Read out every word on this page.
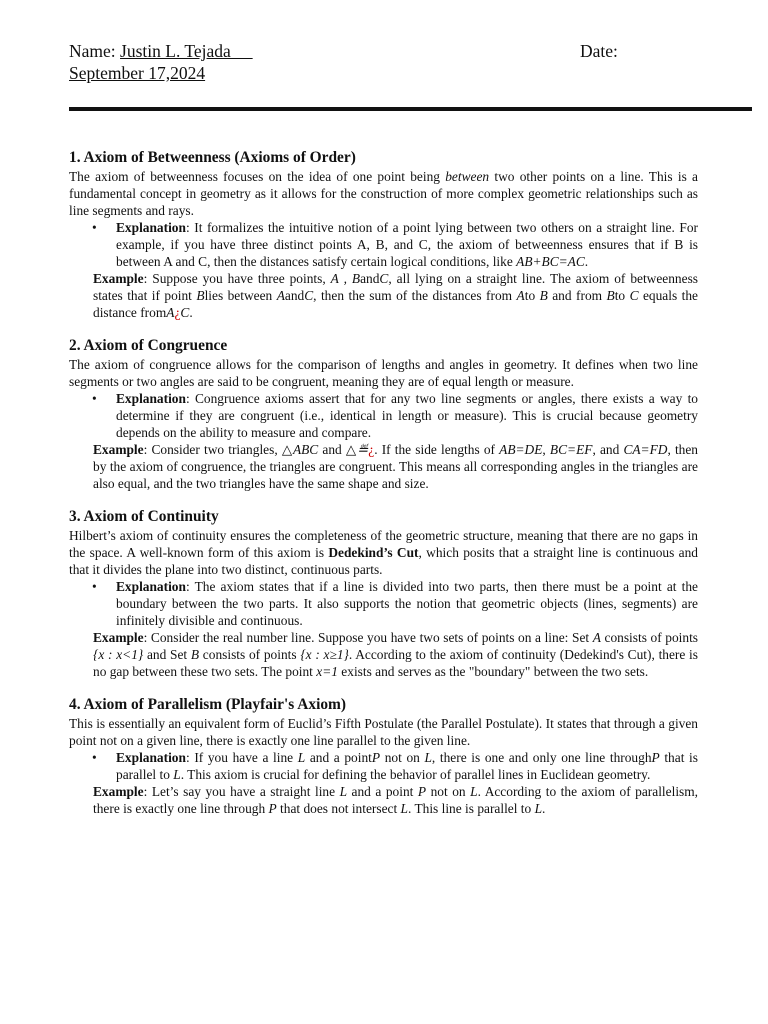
Name: Justin L. Tejada	Date:
September 17,2024
1. Axiom of Betweenness (Axioms of Order)

The axiom of betweenness focuses on the idea of one point being between two other points on a line. This is a fundamental concept in geometry as it allows for the construction of more complex geometric relationships such as line segments and rays.

• Explanation: It formalizes the intuitive notion of a point lying between two others on a straight line. For example, if you have three distinct points A, B, and C, the axiom of betweenness ensures that if B is between A and C, then the distances satisfy certain logical conditions, like AB+BC=AC.

Example: Suppose you have three points, A , BandC, all lying on a straight line. The axiom of betweenness states that if point Blies between AandC, then the sum of the distances from Ato B and from Bto C equals the distance fromA¿C.

2. Axiom of Congruence

The axiom of congruence allows for the comparison of lengths and angles in geometry. It defines when two line segments or two angles are said to be congruent, meaning they are of equal length or measure.

• Explanation: Congruence axioms assert that for any two line segments or angles, there exists a way to determine if they are congruent (i.e., identical in length or measure). This is crucial because geometry depends on the ability to measure and compare.

Example: Consider two triangles, △ABC and △≝¿. If the side lengths of AB=DE, BC=EF, and CA=FD, then by the axiom of congruence, the triangles are congruent. This means all corresponding angles in the triangles are also equal, and the two triangles have the same shape and size.

3. Axiom of Continuity

Hilbert’s axiom of continuity ensures the completeness of the geometric structure, meaning that there are no gaps in the space. A well-known form of this axiom is Dedekind’s Cut, which posits that a straight line is continuous and that it divides the plane into two distinct, continuous parts.

• Explanation: The axiom states that if a line is divided into two parts, then there must be a point at the boundary between the two parts. It also supports the notion that geometric objects (lines, segments) are infinitely divisible and continuous.

Example: Consider the real number line. Suppose you have two sets of points on a line: Set A consists of points {x : x<1} and Set B consists of points {x : x≥1}. According to the axiom of continuity (Dedekind's Cut), there is no gap between these two sets. The point x=1 exists and serves as the "boundary" between the two sets.

4. Axiom of Parallelism (Playfair's Axiom)

This is essentially an equivalent form of Euclid’s Fifth Postulate (the Parallel Postulate). It states that through a given point not on a given line, there is exactly one line parallel to the given line.

• Explanation: If you have a line L and a pointP not on L, there is one and only one line throughP that is parallel to L. This axiom is crucial for defining the behavior of parallel lines in Euclidean geometry.

Example: Let’s say you have a straight line L and a point P not on L. According to the axiom of parallelism, there is exactly one line through P that does not intersect L. This line is parallel to L.
